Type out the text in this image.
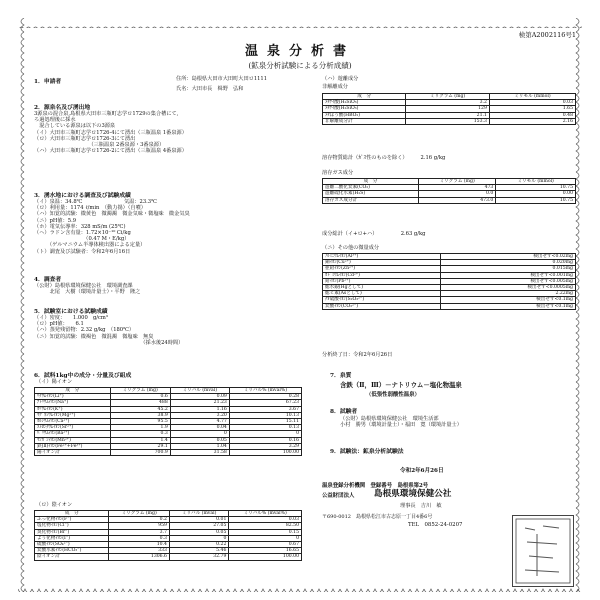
検第A2002116号1
温泉分析書
(鉱泉分析試験による分析成績)
1．申請者	住所：島根県大田市大田町大田ロ1111
氏名：大田市長　楫野　弘和
2．源泉名及び湧出地
3源泉の混合泉,島根県大田市三瓶町志学ロ1729の集合槽にて,
ろ過処理後に採水
　混合している源泉は以下の3源泉
（イ）大田市三瓶町志学ロ1726-4にて湧出（三瓶温泉 1番泉源）
（ロ）大田市三瓶町志学ロ1726-3にて湧出
　　　　　　　　　　　（三瓶温泉 2番泉源・3番泉源）
（ハ）大田市三瓶町志学ロ1726-2にて湧出（三瓶温泉 4番泉源）
3．湧水地における調査及び試験成績
（イ）泉温：34.8℃　　　　　　　　気温：23.3℃
（ロ）利用量：1174 ℓ/min　（動力揚）（自噴）
（ハ）知覚的試験：微黄色　微濁濁　微金気味・微塩味　微金気臭
（ニ）pH値：5.9
（ホ）電気伝導率：328 mS/m (25℃)
（ヘ）ラドン含有量：1.72×10⁻¹⁰ Ci/kg
　　　　　　　　　　（0.47 M・E/kg）
　　　（ゲルマニウム半導体検出器による定量）
（ト）調査及び試験者：令和2年6月16日
4．調査者
（公財）島根県環境保健公社　環境調査課
　　　北尾　大樹（環境計量士）・平野　隆之
5．試験室における試験成績
（イ）密度：　　1.000　g/cm³
（ロ）pH値：　　6.1
（ハ）蒸発残留物：2.32 g/kg　（180℃）
（ニ）知覚的試験：微褐色　微混濁　微塩味　無臭
　　　　　　　　　　　　　　　　　　　　　（採水後24時間）
6．試料1kg中の成分・分量及び組成
（イ）陽イオン
成　分	ミリグラム (mg)	ミリバル (mval)	ミリバル% (mval%)
ﾘﾁｳﾑｲｵﾝ(Li⁺)	0.6	0.09	0.28
ﾅﾄﾘｳﾑｲｵﾝ(Na⁺)	488	21.23	67.23
ｶﾘｳﾑｲｵﾝ(K⁺)	45.2	1.16	3.67
ﾏｸﾞﾈｼｳﾑｲｵﾝ(Mg²⁺)	38.9	3.20	10.13
ｶﾙｼｳﾑｲｵﾝ(Ca²⁺)	95.5	4.77	15.11
ｽﾄﾛﾝﾁｳﾑｲｵﾝ(Sr²⁺)	1.9	0.04	0.13
ﾊﾞﾘｳﾑｲｵﾝ(Ba²⁺)	0.3	0	0
ﾏﾝｶﾞﾝｲｵﾝ(Mn²⁺)	1.4	0.05	0.16
鉄(Ⅱ)ｲｵﾝ(Fe²⁺+Fe³⁺)	29.1	1.04	3.29
陽イオン計	700.9	31.58	100.00
（ロ）陰イオン
成　分	ミリグラム (mg)	ミリバル (mval)	ミリバル% (mval%)
ふっ化物ｲｵﾝ(F⁻)	0.2	0.01	0.03
塩化物ｲｵﾝ(Cl⁻)	959	27.05	82.50
臭化物ｲｵﾝ(Br⁻)	3.7	0.05	0.15
よう化物ｲｵﾝ(I⁻)	0.3	0	0
硫酸ｲｵﾝ(SO₄²⁻)	10.4	0.22	0.67
炭酸水素ｲｵﾝ(HCO₃⁻)	333	5.46	16.65
陰イオン計	1306.6	32.79	100.00
（ハ）遊離成分
非解離成分
成　分	ミリグラム (mg)	ミリモル (mmol)
ﾒﾀｹｲ酸(H₂SiO₃)	3.2	0.03
ﾒﾀｹｲ酸(H₂SiO₃)	129	1.65
ﾒﾀほう酸(HBO₂)	21.1	0.48
非解離成分計	153.3	2.16
溶存物質総計（ｶﾞｽ性のものを除く）　　　2.16 g/kg
溶存ガス成分
成　分	ミリグラム (mg)	ミリモル (mmol)
遊離二酸化炭素(CO₂)	473	10.75
遊離硫化水素(H₂S)	0.0	0.00
溶存ガス成分計	473.0	10.75
成分総計（イ+ロ+ハ）　　　　　2.63 g/kg
（ニ）その他の微量成分
ｱﾙﾐﾆｳﾑｲｵﾝ(Al³⁺)	検出せず<0.02mg
銅ｲｵﾝ(Cu²⁺)	0.020mg
亜鉛ｲｵﾝ(Zn²⁺)	0.015mg
ｶﾄﾞﾐｳﾑｲｵﾝ(Cd²⁺)	検出せず<0.001mg
鉛ｲｵﾝ(Pb²⁺)	検出せず<0.005mg
総水銀(Hgとして)	検出せず<0.0005mg
総ヒ素(Asとして)	2.22mg
ﾁｵ硫酸ｲｵﾝ(S₂O₃²⁻)	検出せず<0.1mg
炭酸ｲｵﾝ(CO₃²⁻)	検出せず<0.1mg
分析終了日：令和2年6月26日
7．泉質
含鉄（Ⅱ，Ⅲ）－ナトリウム－塩化物温泉
（低張性弱酸性温泉）
8．試験者
（公財）島根県環境保健公社　環境生活部
小村　勝男（環境計量士）・福田　寛（環境計量士）
9．試験法：鉱泉分析試験法
令和2年6月26日
温泉登録分析機関　登録番号　島根県第2号
公益財団法人 島根県環境保健公社
理事長　吉川　敏
〒690-0012　島根県松江市古志原一丁目4番6号
TEL　0852-24-0207
